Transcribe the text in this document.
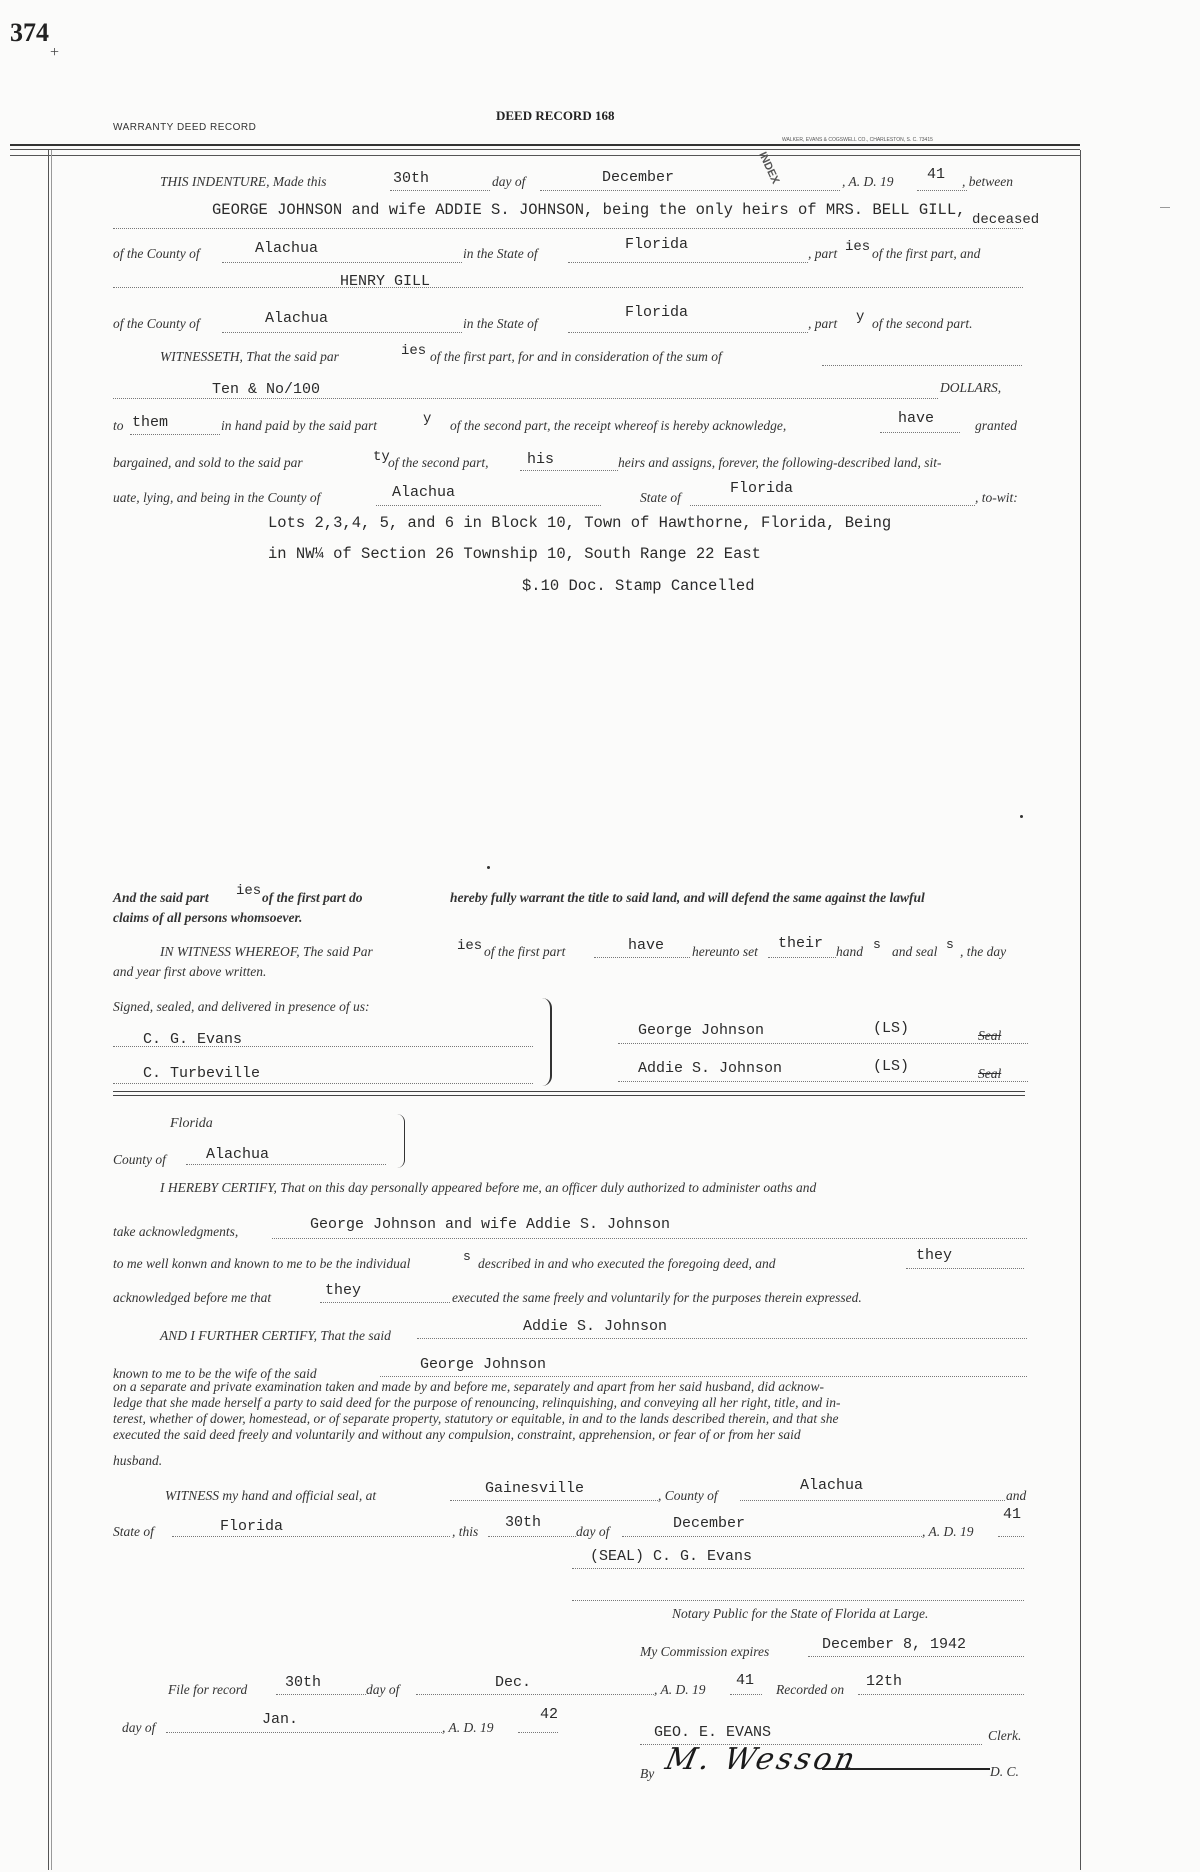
374
+
WARRANTY DEED RECORD
DEED RECORD 168
WALKER, EVANS & COGSWELL CO., CHARLESTON, S. C. 73415
THIS INDENTURE, Made this	30th	day of	December	INDEX	, A. D. 19 41 , between
GEORGE JOHNSON and wife ADDIE S. JOHNSON, being the only heirs of MRS. BELL GILL,
deceased
of the County of	Alachua	in the State of
Florida
, part ies of the first part, and
HENRY GILL
of the County of	Alachua	in the State of
Florida
, part y of the second part.
WITNESSETH, That the said par	ies of the first part, for and in consideration of the sum of
Ten & No/100	DOLLARS,
to them	in hand paid by the said part	y of the second part, the receipt whereof is hereby acknowledge,	have	granted
bargained, and sold to the said par	ty
of the second part,	his	heirs and assigns, forever, the following-described land, sit-
uate, lying, and being in the County of	Alachua	State of
Florida
, to-wit:
Lots 2,3,4, 5, and 6 in Block 10, Town of Hawthorne, Florida, Being
in NW¼ of Section 26 Township 10, South Range 22 East
$.10 Doc. Stamp Cancelled
And the said part ies of the first part do	hereby fully warrant the title to said land, and will defend the same against the lawful
claims of all persons whomsoever.
IN WITNESS WHEREOF, The said Par	ies of the first part	have hereunto set their hand s and seal s , the day
and year first above written.
Signed, sealed, and delivered in presence of us:
C. G. Evans
C. Turbeville
George Johnson	(LS)	Seal
Addie S. Johnson	(LS)	Seal
Florida
County of	Alachua
I HEREBY CERTIFY, That on this day personally appeared before me, an officer duly authorized to administer oaths and
take acknowledgments,	George Johnson and wife Addie S. Johnson
to me well konwn and known to me to be the individual	s described in and who executed the foregoing deed, and	they
acknowledged before me that	they	executed the same freely and voluntarily for the purposes therein expressed.
AND I FURTHER CERTIFY, That the said
Addie S. Johnson
known to me to be the wife of the said
George Johnson
on a separate and private examination taken and made by and before me, separately and apart from her said husband, did acknow-
ledge that she made herself a party to said deed for the purpose of renouncing, relinquishing, and conveying all her right, title, and in-
terest, whether of dower, homestead, or of separate property, statutory or equitable, in and to the lands described therein, and that she
executed the said deed freely and voluntarily and without any compulsion, constraint, apprehension, or fear of or from her said
husband.
WITNESS my hand and official seal, at	Gainesville	, County of
Alachua
and
State of	Florida	, this
30th
day of	December	, A. D. 19
41
(SEAL) C. G. Evans
Notary Public for the State of Florida at Large.
My Commission expires	December 8, 1942
File for record	30th	day of	Dec.	, A. D. 19
41
Recorded on 12th
day of	Jan.	, A. D. 19
42
GEO. E. EVANS	Clerk.
By M. Wesson	D. C.
